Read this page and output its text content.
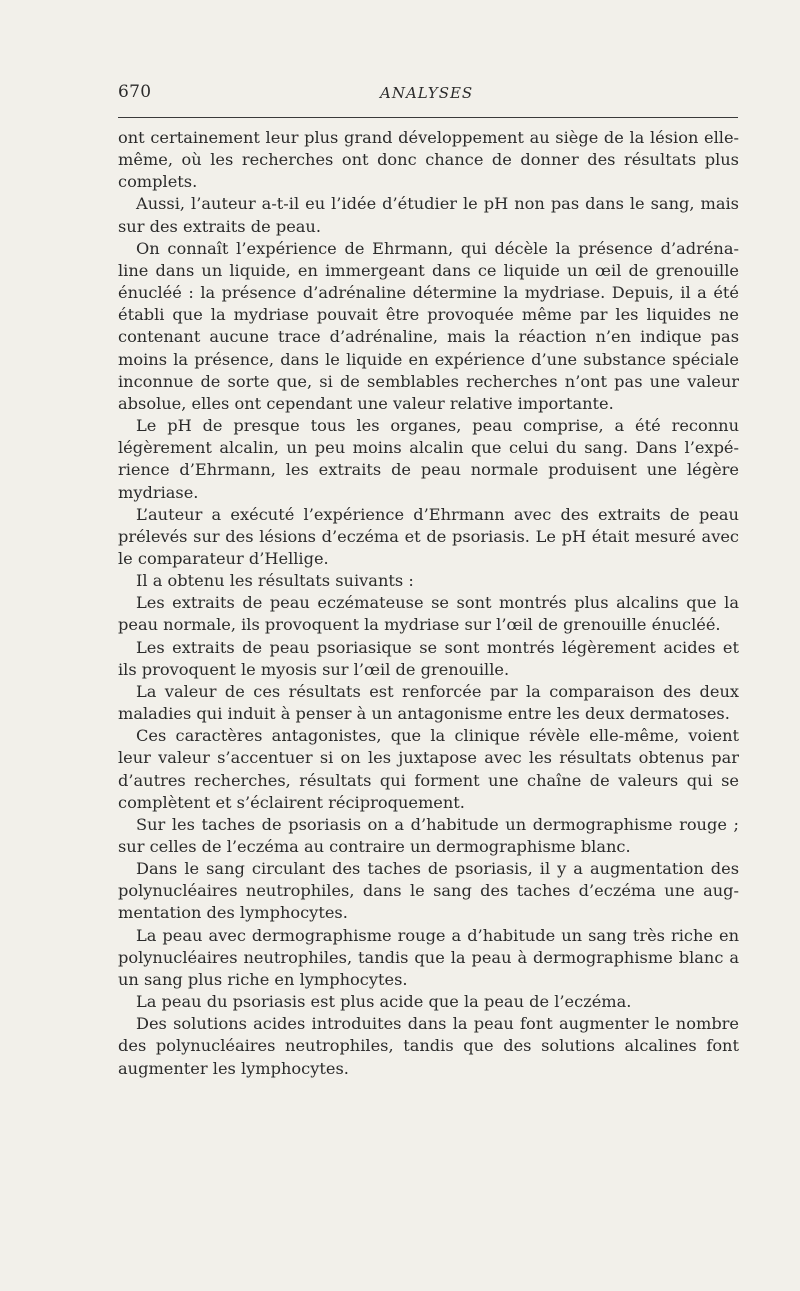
670	ANALYSES

ont certainement leur plus grand développement au siège de la lésion elle-même, où les recherches ont donc chance de donner des résultats plus complets.

Aussi, l’auteur a-t-il eu l’idée d’étudier le pH non pas dans le sang, mais sur des extraits de peau.

On connaît l’expérience de Ehrmann, qui décèle la présence d’adrénaline dans un liquide, en immergeant dans ce liquide un œil de grenouille énucléé : la présence d’adrénaline détermine la mydriase. Depuis, il a été établi que la mydriase pouvait être provoquée même par les liquides ne contenant aucune trace d’adrénaline, mais la réaction n’en indique pas moins la présence, dans le liquide en expérience d’une substance spéciale inconnue de sorte que, si de semblables recherches n’ont pas une valeur absolue, elles ont cependant une valeur relative importante.

Le pH de presque tous les organes, peau comprise, a été reconnu légèrement alcalin, un peu moins alcalin que celui du sang. Dans l’expérience d’Ehrmann, les extraits de peau normale produisent une légère mydriase.

L’auteur a exécuté l’expérience d’Ehrmann avec des extraits de peau prélevés sur des lésions d’eczéma et de psoriasis. Le pH était mesuré avec le comparateur d’Hellige.

Il a obtenu les résultats suivants :

Les extraits de peau eczémateuse se sont montrés plus alcalins que la peau normale, ils provoquent la mydriase sur l’œil de grenouille énucléé.

Les extraits de peau psoriasique se sont montrés légèrement acides et ils provoquent le myosis sur l’œil de grenouille.

La valeur de ces résultats est renforcée par la comparaison des deux maladies qui induit à penser à un antagonisme entre les deux dermatoses.

Ces caractères antagonistes, que la clinique révèle elle-même, voient leur valeur s’accentuer si on les juxtapose avec les résultats obtenus par d’autres recherches, résultats qui forment une chaîne de valeurs qui se complètent et s’éclairent réciproquement.

Sur les taches de psoriasis on a d’habitude un dermographisme rouge ; sur celles de l’eczéma au contraire un dermographisme blanc.

Dans le sang circulant des taches de psoriasis, il y a augmentation des polynucléaires neutrophiles, dans le sang des taches d’eczéma une augmentation des lymphocytes.

La peau avec dermographisme rouge a d’habitude un sang très riche en polynucléaires neutrophiles, tandis que la peau à dermographisme blanc a un sang plus riche en lymphocytes.

La peau du psoriasis est plus acide que la peau de l’eczéma.

Des solutions acides introduites dans la peau font augmenter le nombre des polynucléaires neutrophiles, tandis que des solutions alcalines font augmenter les lymphocytes.
